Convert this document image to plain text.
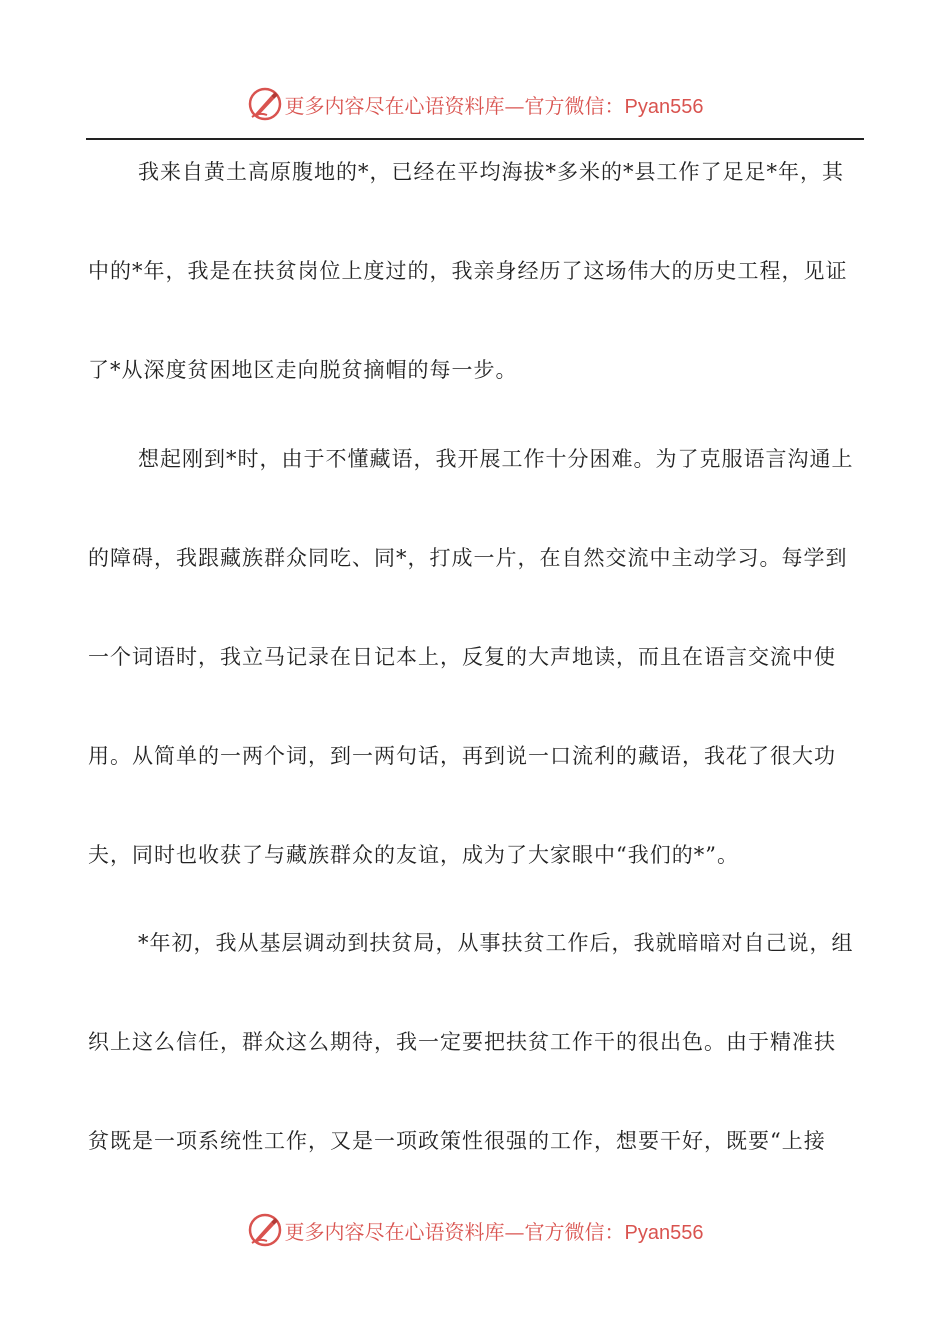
更多内容尽在心语资料库—官方微信：Pyan556
我来自黄土高原腹地的*，已经在平均海拔*多米的*县工作了足足*年，其
中的*年，我是在扶贫岗位上度过的，我亲身经历了这场伟大的历史工程，见证
了*从深度贫困地区走向脱贫摘帽的每一步。
想起刚到*时，由于不懂藏语，我开展工作十分困难。为了克服语言沟通上
的障碍，我跟藏族群众同吃、同*，打成一片，在自然交流中主动学习。每学到
一个词语时，我立马记录在日记本上，反复的大声地读，而且在语言交流中使
用。从简单的一两个词，到一两句话，再到说一口流利的藏语，我花了很大功
夫，同时也收获了与藏族群众的友谊，成为了大家眼中“我们的*”。
*年初，我从基层调动到扶贫局，从事扶贫工作后，我就暗暗对自己说，组
织上这么信任，群众这么期待，我一定要把扶贫工作干的很出色。由于精准扶
贫既是一项系统性工作，又是一项政策性很强的工作，想要干好，既要“上接
更多内容尽在心语资料库—官方微信：Pyan556
